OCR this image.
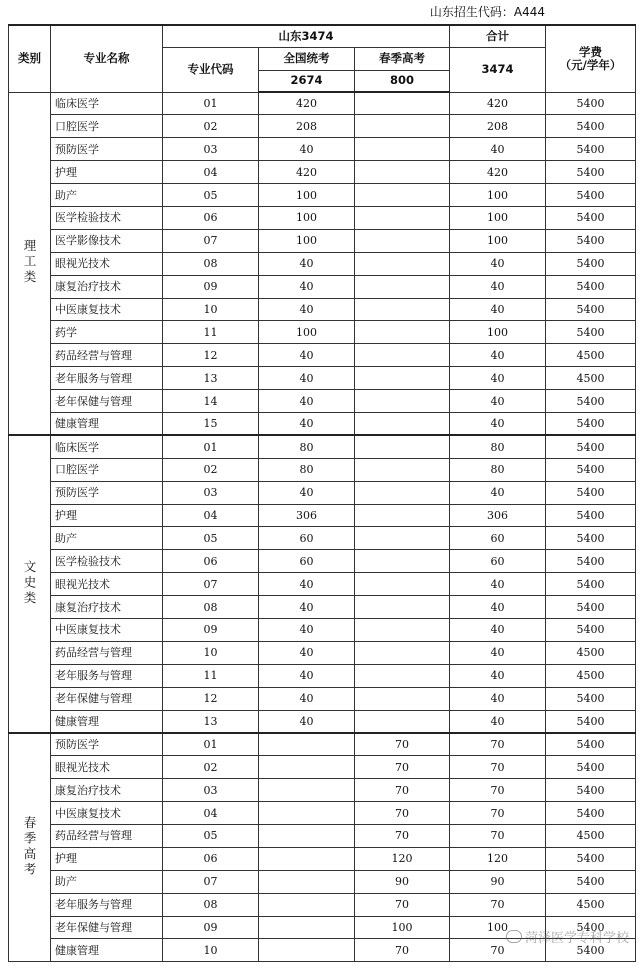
山东招生代码：A444
类别	专业名称	山东3474			合计	学费
（元/学年）
		专业代码	全国统考	春季高考	3474	
			2674	800		
理工类	临床医学	01	420		420	5400
	口腔医学	02	208		208	5400
	预防医学	03	40		40	5400
	护理	04	420		420	5400
	助产	05	100		100	5400
	医学检验技术	06	100		100	5400
	医学影像技术	07	100		100	5400
	眼视光技术	08	40		40	5400
	康复治疗技术	09	40		40	5400
	中医康复技术	10	40		40	5400
	药学	11	100		100	5400
	药品经营与管理	12	40		40	4500
	老年服务与管理	13	40		40	4500
	老年保健与管理	14	40		40	5400
	健康管理	15	40		40	5400
文史类	临床医学	01	80		80	5400
	口腔医学	02	80		80	5400
	预防医学	03	40		40	5400
	护理	04	306		306	5400
	助产	05	60		60	5400
	医学检验技术	06	60		60	5400
	眼视光技术	07	40		40	5400
	康复治疗技术	08	40		40	5400
	中医康复技术	09	40		40	5400
	药品经营与管理	10	40		40	4500
	老年服务与管理	11	40		40	4500
	老年保健与管理	12	40		40	5400
	健康管理	13	40		40	5400
春季高考	预防医学	01		70	70	5400
	眼视光技术	02		70	70	5400
	康复治疗技术	03		70	70	5400
	中医康复技术	04		70	70	5400
	药品经营与管理	05		70	70	4500
	护理	06		120	120	5400
	助产	07		90	90	5400
	老年服务与管理	08		70	70	4500
	老年保健与管理	09		100	100	5400
	健康管理	10		70	70	5400
菏泽医学专科学校
